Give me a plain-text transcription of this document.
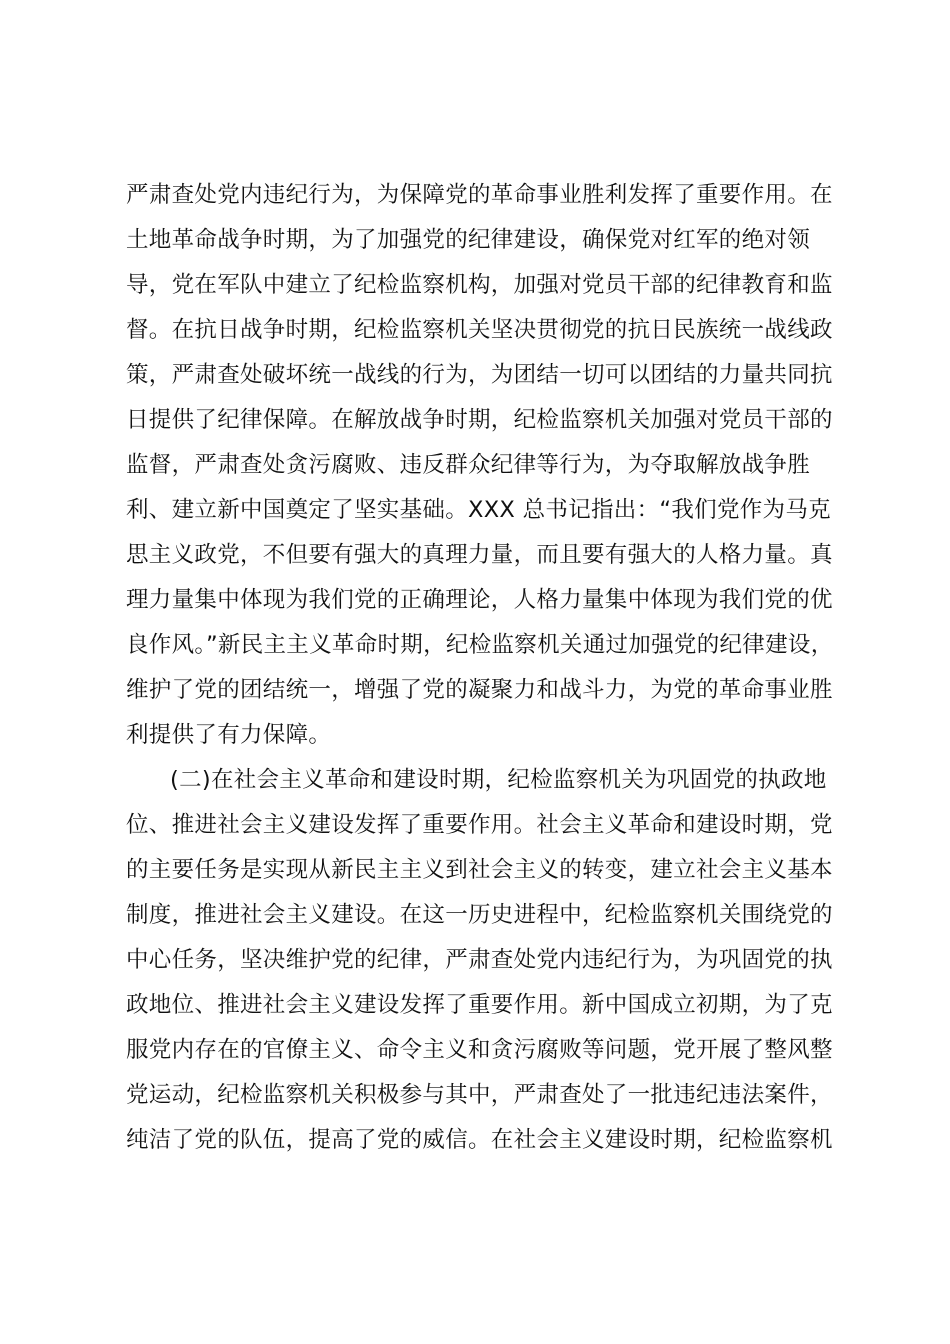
严肃查处党内违纪行为，为保障党的革命事业胜利发挥了重要作用。在
土地革命战争时期，为了加强党的纪律建设，确保党对红军的绝对领
导，党在军队中建立了纪检监察机构，加强对党员干部的纪律教育和监
督。在抗日战争时期，纪检监察机关坚决贯彻党的抗日民族统一战线政
策，严肃查处破坏统一战线的行为，为团结一切可以团结的力量共同抗
日提供了纪律保障。在解放战争时期，纪检监察机关加强对党员干部的
监督，严肃查处贪污腐败、违反群众纪律等行为，为夺取解放战争胜
利、建立新中国奠定了坚实基础。XXX 总书记指出：“我们党作为马克
思主义政党，不但要有强大的真理力量，而且要有强大的人格力量。真
理力量集中体现为我们党的正确理论，人格力量集中体现为我们党的优
良作风。”新民主主义革命时期，纪检监察机关通过加强党的纪律建设，
维护了党的团结统一，增强了党的凝聚力和战斗力，为党的革命事业胜
利提供了有力保障。
(二)在社会主义革命和建设时期，纪检监察机关为巩固党的执政地
位、推进社会主义建设发挥了重要作用。社会主义革命和建设时期，党
的主要任务是实现从新民主主义到社会主义的转变，建立社会主义基本
制度，推进社会主义建设。在这一历史进程中，纪检监察机关围绕党的
中心任务，坚决维护党的纪律，严肃查处党内违纪行为，为巩固党的执
政地位、推进社会主义建设发挥了重要作用。新中国成立初期，为了克
服党内存在的官僚主义、命令主义和贪污腐败等问题，党开展了整风整
党运动，纪检监察机关积极参与其中，严肃查处了一批违纪违法案件，
纯洁了党的队伍，提高了党的威信。在社会主义建设时期，纪检监察机
